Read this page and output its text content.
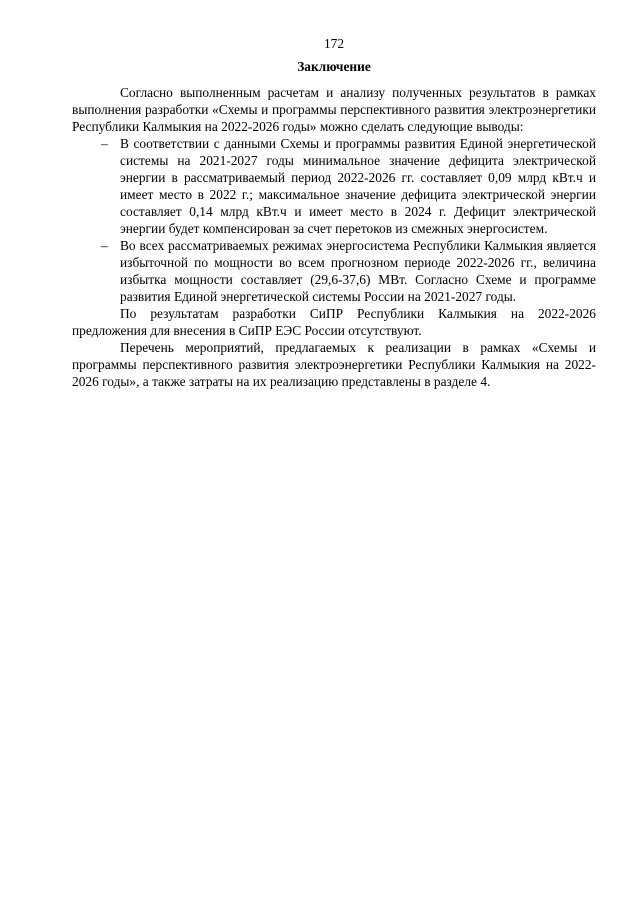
172

Заключение

Согласно выполненным расчетам и анализу полученных результатов в рамках выполнения разработки «Схемы и программы перспективного развития электроэнергетики Республики Калмыкия на 2022-2026 годы» можно сделать следующие выводы:

– В соответствии с данными Схемы и программы развития Единой энергетической системы на 2021-2027 годы минимальное значение дефицита электрической энергии в рассматриваемый период 2022-2026 гг. составляет 0,09 млрд кВт.ч и имеет место в 2022 г.; максимальное значение дефицита электрической энергии составляет 0,14 млрд кВт.ч и имеет место в 2024 г. Дефицит электрической энергии будет компенсирован за счет перетоков из смежных энергосистем.
– Во всех рассматриваемых режимах энергосистема Республики Калмыкия является избыточной по мощности во всем прогнозном периоде 2022-2026 гг., величина избытка мощности составляет (29,6-37,6) МВт. Согласно Схеме и программе развития Единой энергетической системы России на 2021-2027 годы.

По результатам разработки СиПР Республики Калмыкия на 2022-2026 предложения для внесения в СиПР ЕЭС России отсутствуют.

Перечень мероприятий, предлагаемых к реализации в рамках «Схемы и программы перспективного развития электроэнергетики Республики Калмыкия на 2022-2026 годы», а также затраты на их реализацию представлены в разделе 4.
